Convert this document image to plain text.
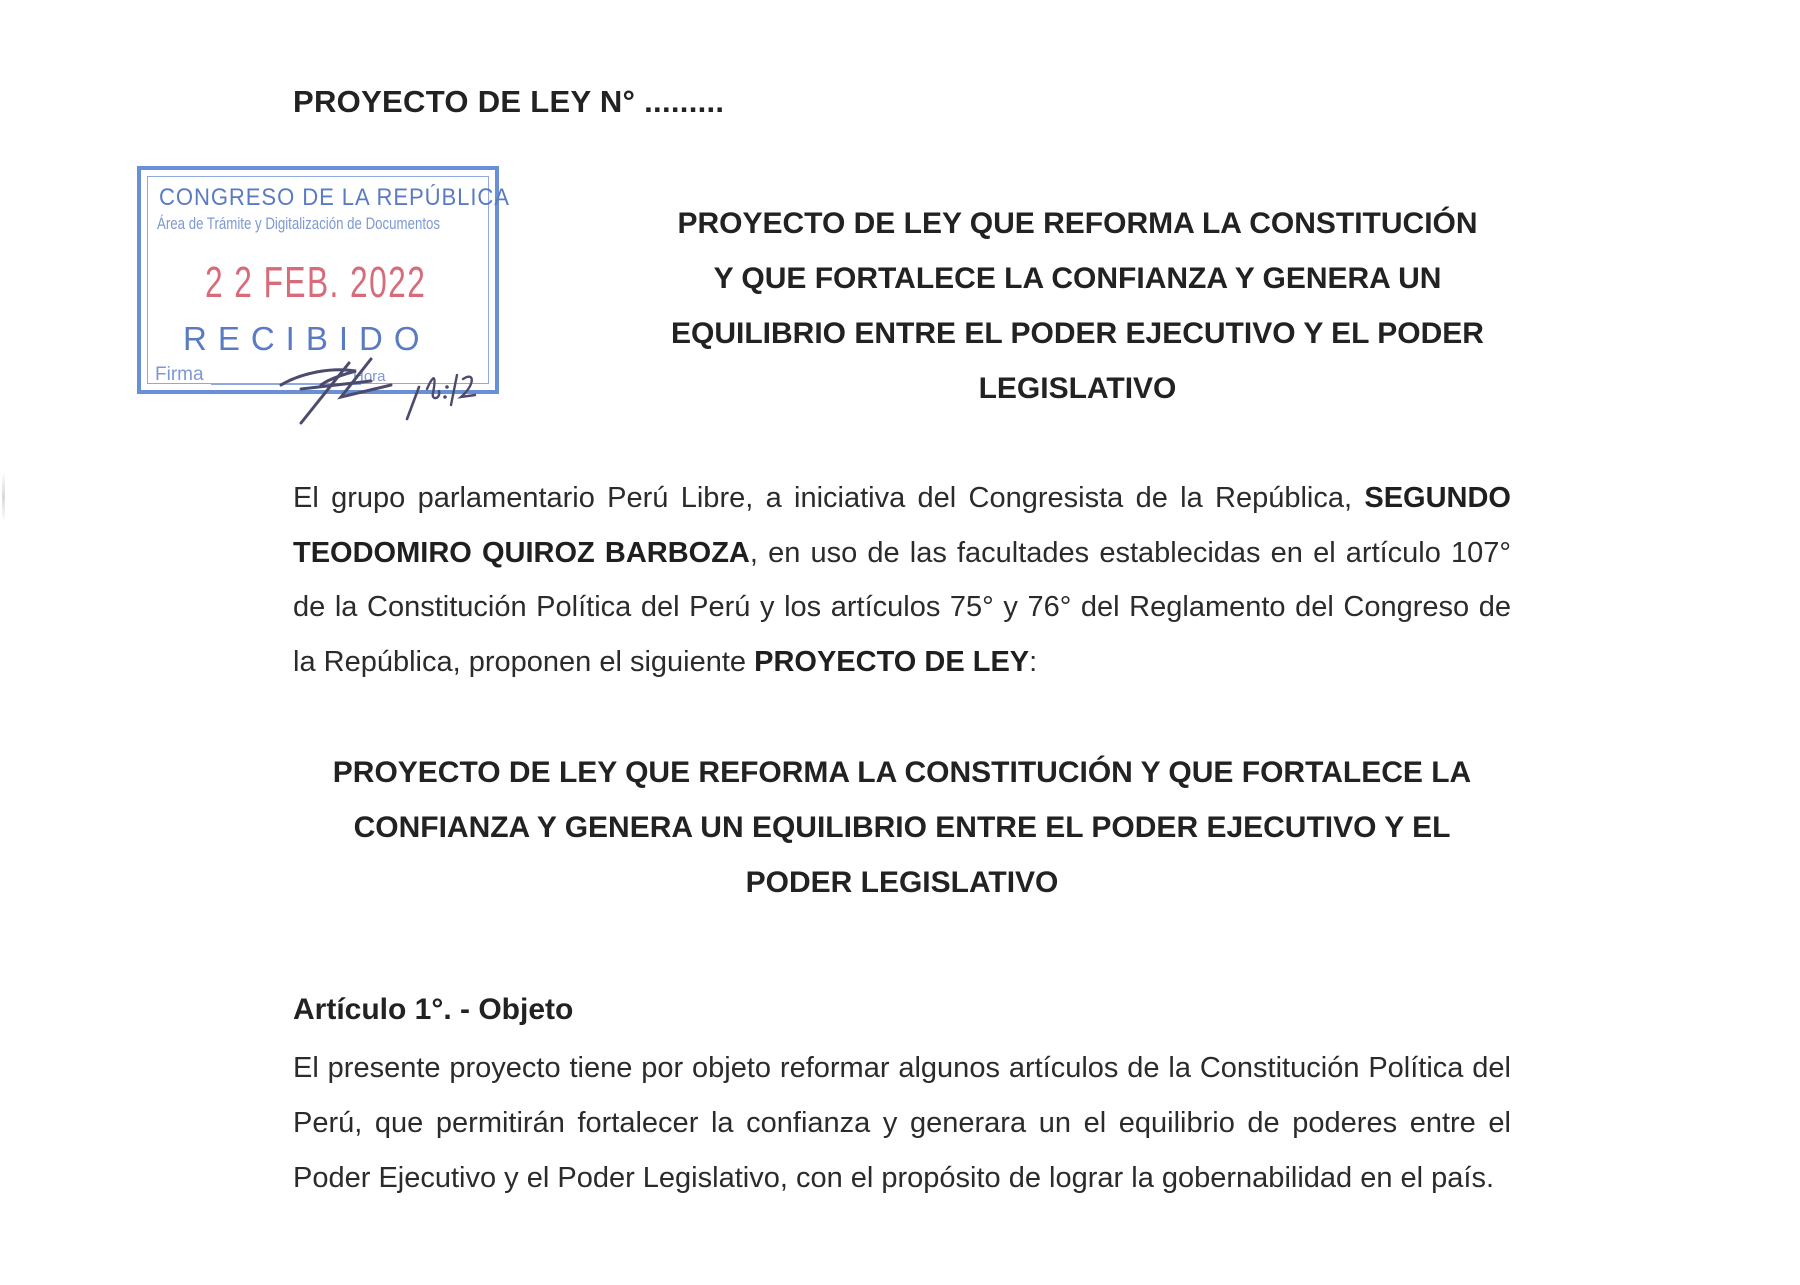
PROYECTO DE LEY N° .........
CONGRESO DE LA REPÚBLICA
Área de Trámite y Digitalización de Documentos
2 2 FEB. 2022
RECIBIDO
Firma	Hora
PROYECTO DE LEY QUE REFORMA LA CONSTITUCIÓN
Y QUE FORTALECE LA CONFIANZA Y GENERA UN
EQUILIBRIO ENTRE EL PODER EJECUTIVO Y EL PODER
LEGISLATIVO
El grupo parlamentario Perú Libre, a iniciativa del Congresista de la República, SEGUNDO TEODOMIRO QUIROZ BARBOZA, en uso de las facultades establecidas en el artículo 107° de la Constitución Política del Perú y los artículos 75° y 76° del Reglamento del Congreso de la República, proponen el siguiente PROYECTO DE LEY:
PROYECTO DE LEY QUE REFORMA LA CONSTITUCIÓN Y QUE FORTALECE LA
CONFIANZA Y GENERA UN EQUILIBRIO ENTRE EL PODER EJECUTIVO Y EL
PODER LEGISLATIVO
Artículo 1°. - Objeto
El presente proyecto tiene por objeto reformar algunos artículos de la Constitución Política del Perú, que permitirán fortalecer la confianza y generara un el equilibrio de poderes entre el Poder Ejecutivo y el Poder Legislativo, con el propósito de lograr la gobernabilidad en el país.
